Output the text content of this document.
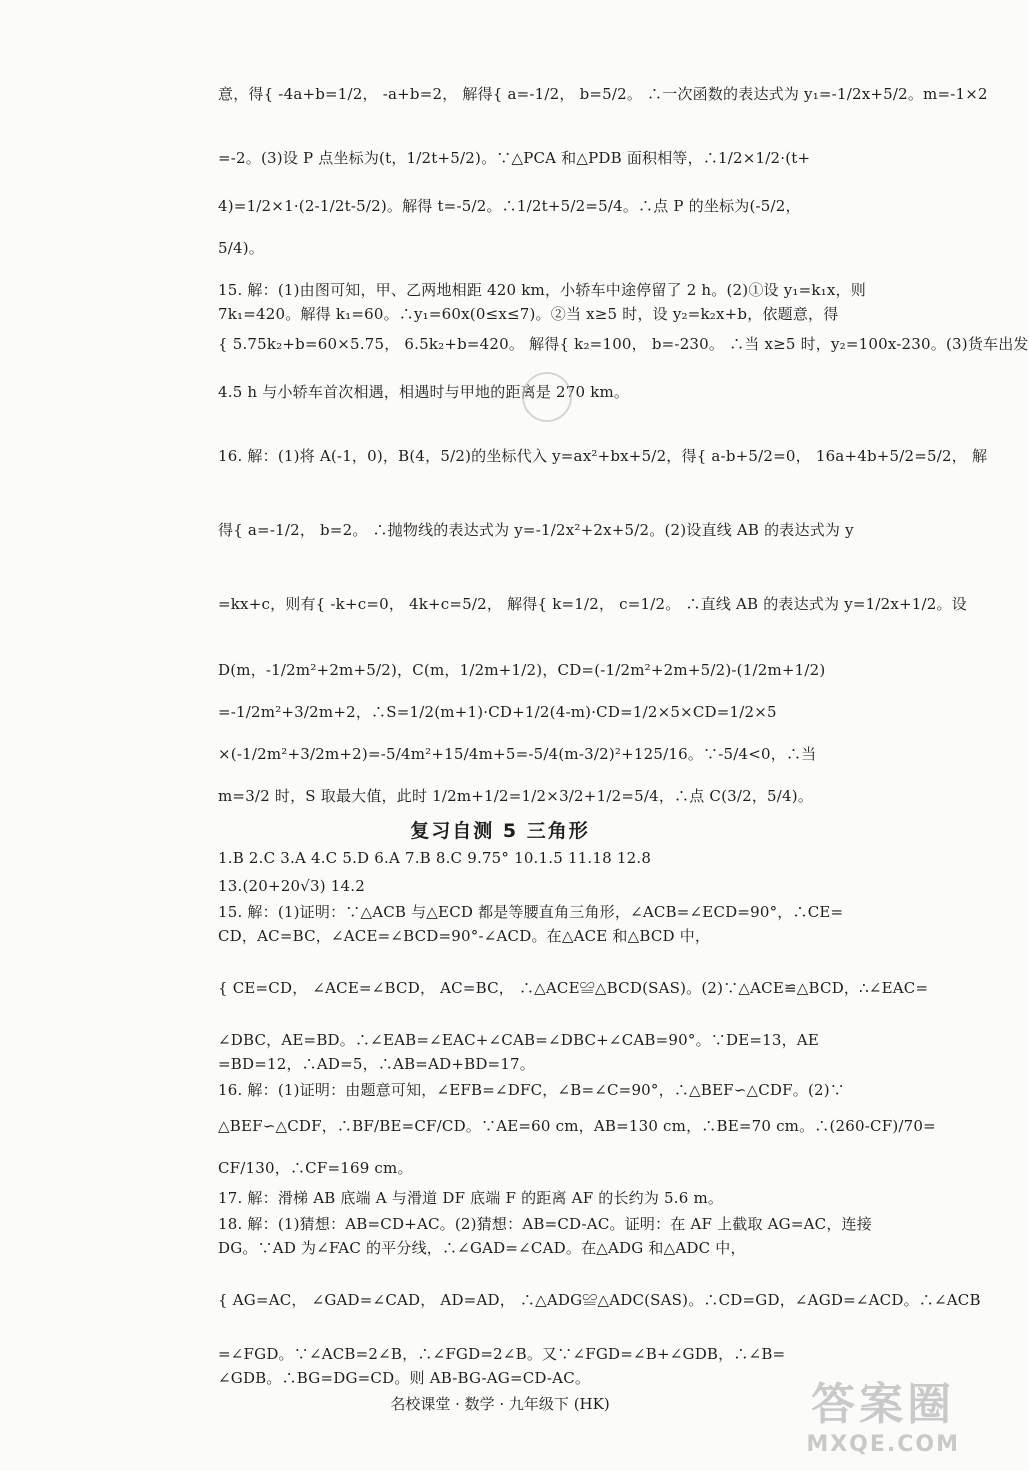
意，得{ -4a+b=1/2， -a+b=2， 解得{ a=-1/2， b=5/2。 ∴一次函数的表达式为 y₁=-1/2x+5/2。m=-1×2
=-2。(3)设 P 点坐标为(t，1/2t+5/2)。∵△PCA 和△PDB 面积相等，∴1/2×1/2·(t+
4)=1/2×1·(2-1/2t-5/2)。解得 t=-5/2。∴1/2t+5/2=5/4。∴点 P 的坐标为(-5/2，
5/4)。
15. 解：(1)由图可知，甲、乙两地相距 420 km，小轿车中途停留了 2 h。(2)①设 y₁=k₁x，则
7k₁=420。解得 k₁=60。∴y₁=60x(0≤x≤7)。②当 x≥5 时，设 y₂=k₂x+b，依题意，得
{ 5.75k₂+b=60×5.75， 6.5k₂+b=420。 解得{ k₂=100， b=-230。 ∴当 x≥5 时，y₂=100x-230。(3)货车出发
4.5 h 与小轿车首次相遇，相遇时与甲地的距离是 270 km。
16. 解：(1)将 A(-1，0)，B(4，5/2)的坐标代入 y=ax²+bx+5/2，得{ a-b+5/2=0， 16a+4b+5/2=5/2， 解
得{ a=-1/2， b=2。 ∴抛物线的表达式为 y=-1/2x²+2x+5/2。(2)设直线 AB 的表达式为 y
=kx+c，则有{ -k+c=0， 4k+c=5/2， 解得{ k=1/2， c=1/2。 ∴直线 AB 的表达式为 y=1/2x+1/2。设
D(m，-1/2m²+2m+5/2)，C(m，1/2m+1/2)，CD=(-1/2m²+2m+5/2)-(1/2m+1/2)
=-1/2m²+3/2m+2，∴S=1/2(m+1)·CD+1/2(4-m)·CD=1/2×5×CD=1/2×5
×(-1/2m²+3/2m+2)=-5/4m²+15/4m+5=-5/4(m-3/2)²+125/16。∵-5/4<0，∴当
m=3/2 时，S 取最大值，此时 1/2m+1/2=1/2×3/2+1/2=5/4，∴点 C(3/2，5/4)。
1.B 2.C 3.A 4.C 5.D 6.A 7.B 8.C 9.75° 10.1.5 11.18 12.8
13.(20+20√3) 14.2
15. 解：(1)证明：∵△ACB 与△ECD 都是等腰直角三角形，∠ACB=∠ECD=90°，∴CE=
CD，AC=BC，∠ACE=∠BCD=90°-∠ACD。在△ACE 和△BCD 中，
{ CE=CD， ∠ACE=∠BCD， AC=BC， ∴△ACE≌△BCD(SAS)。(2)∵△ACE≌△BCD，∴∠EAC=
∠DBC，AE=BD。∴∠EAB=∠EAC+∠CAB=∠DBC+∠CAB=90°。∵DE=13，AE
=BD=12，∴AD=5，∴AB=AD+BD=17。
16. 解：(1)证明：由题意可知，∠EFB=∠DFC，∠B=∠C=90°，∴△BEF∽△CDF。(2)∵
△BEF∽△CDF，∴BF/BE=CF/CD。∵AE=60 cm，AB=130 cm，∴BE=70 cm。∴(260-CF)/70=
CF/130，∴CF=169 cm。
17. 解：滑梯 AB 底端 A 与滑道 DF 底端 F 的距离 AF 的长约为 5.6 m。
18. 解：(1)猜想：AB=CD+AC。(2)猜想：AB=CD-AC。证明：在 AF 上截取 AG=AC，连接
DG。∵AD 为∠FAC 的平分线，∴∠GAD=∠CAD。在△ADG 和△ADC 中，
{ AG=AC， ∠GAD=∠CAD， AD=AD， ∴△ADG≌△ADC(SAS)。∴CD=GD，∠AGD=∠ACD。∴∠ACB
=∠FGD。∵∠ACB=2∠B，∴∠FGD=2∠B。又∵∠FGD=∠B+∠GDB，∴∠B=
∠GDB。∴BG=DG=CD。则 AB-BG-AG=CD-AC。
复习自测 5 三角形
名校课堂 · 数学 · 九年级下 (HK)	答案圈
MXQE.COM
